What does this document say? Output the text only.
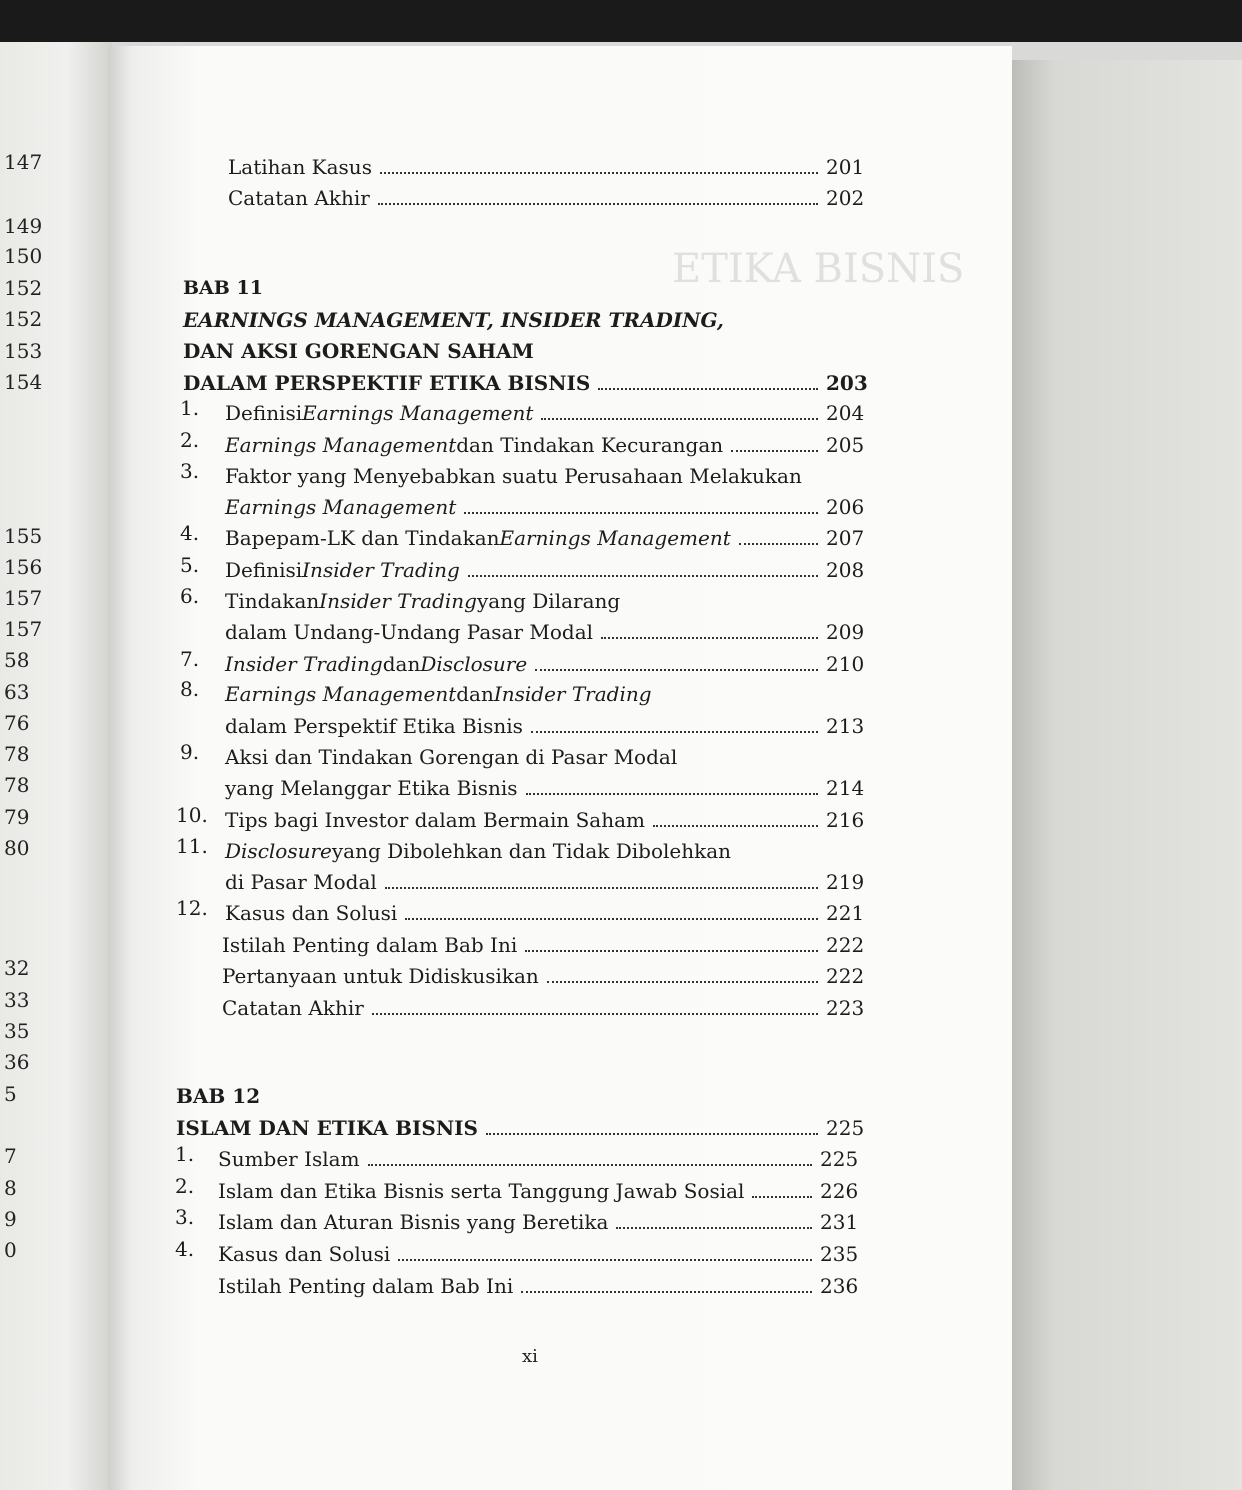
147
149
150
152
152
153
154
155
156
157
157
58
63
76
78
78
79
80
32
33
35
36
5
7
8
9
0
ETIKA BISNIS
Latihan Kasus	201
Catatan Akhir	202
BAB 11
EARNINGS MANAGEMENT, INSIDER TRADING,
DAN AKSI GORENGAN SAHAM
DALAM PERSPEKTIF ETIKA BISNIS	203
1. Definisi Earnings Management	204
2. Earnings Management dan Tindakan Kecurangan	205
3. Faktor yang Menyebabkan suatu Perusahaan Melakukan
Earnings Management	206
4. Bapepam-LK dan Tindakan Earnings Management	207
5. Definisi Insider Trading	208
6. Tindakan Insider Trading yang Dilarang
dalam Undang-Undang Pasar Modal	209
7. Insider Trading dan Disclosure	210
8. Earnings Management dan Insider Trading
dalam Perspektif Etika Bisnis	213
9. Aksi dan Tindakan Gorengan di Pasar Modal
yang Melanggar Etika Bisnis	214
10. Tips bagi Investor dalam Bermain Saham	216
11. Disclosure yang Dibolehkan dan Tidak Dibolehkan
di Pasar Modal	219
12. Kasus dan Solusi	221
Istilah Penting dalam Bab Ini	222
Pertanyaan untuk Didiskusikan	222
Catatan Akhir	223
BAB 12
ISLAM DAN ETIKA BISNIS	225
1. Sumber Islam	225
2. Islam dan Etika Bisnis serta Tanggung Jawab Sosial	226
3. Islam dan Aturan Bisnis yang Beretika	231
4. Kasus dan Solusi	235
Istilah Penting dalam Bab Ini	236
xi
